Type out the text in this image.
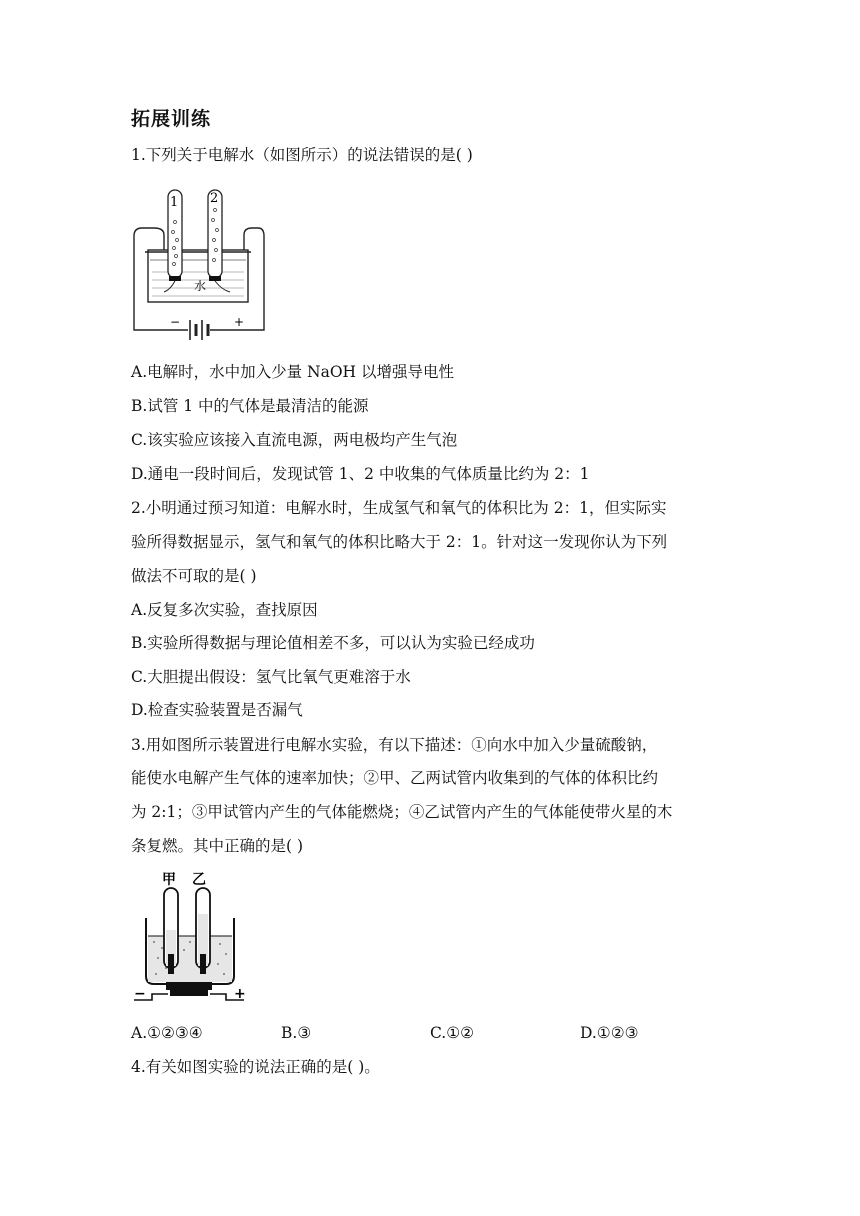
拓展训练
1.下列关于电解水（如图所示）的说法错误的是( )
−	+
水
1 2
A.电解时，水中加入少量 NaOH 以增强导电性
B.试管 1 中的气体是最清洁的能源
C.该实验应该接入直流电源，两电极均产生气泡
D.通电一段时间后，发现试管 1、2 中收集的气体质量比约为 2：1
2.小明通过预习知道：电解水时，生成氢气和氧气的体积比为 2：1，但实际实
验所得数据显示，氢气和氧气的体积比略大于 2：1。针对这一发现你认为下列
做法不可取的是( )
A.反复多次实验，查找原因
B.实验所得数据与理论值相差不多，可以认为实验已经成功
C.大胆提出假设：氢气比氧气更难溶于水
D.检查实验装置是否漏气
3.用如图所示装置进行电解水实验，有以下描述：①向水中加入少量硫酸钠，
能使水电解产生气体的速率加快；②甲、乙两试管内收集到的气体的体积比约
为 2:1；③甲试管内产生的气体能燃烧；④乙试管内产生的气体能使带火星的木
条复燃。其中正确的是( )
甲 乙
−	+
A.①②③④	B.③	C.①②	D.①②③
4.有关如图实验的说法正确的是( )。
